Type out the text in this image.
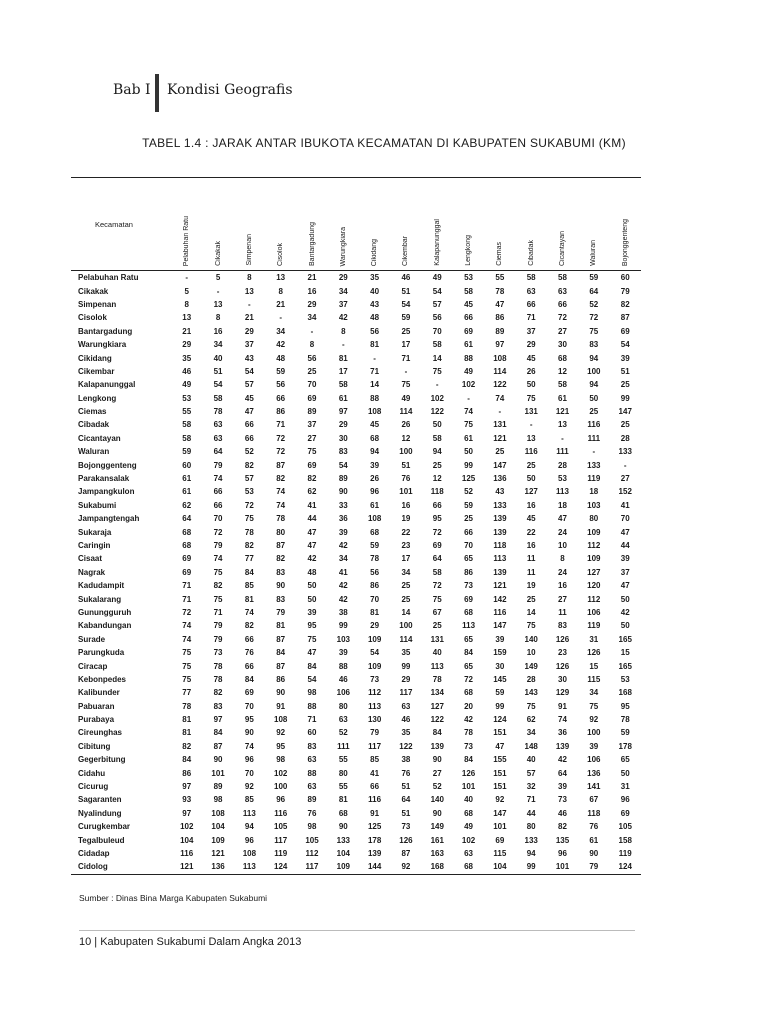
Bab I Kondisi Geografis
TABEL 1.4 : JARAK ANTAR IBUKOTA KECAMATAN DI KABUPATEN SUKABUMI (KM)
Kecamatan	Pelabuhan Ratu	Cikakak	Simpenan	Cisolok	Bantargadung	Warungkiara	Cikidang	Cikembar	Kalapanunggal	Lengkong	Ciemas	Cibadak	Cicantayan	Waluran	Bojonggenteng

Pelabuhan Ratu	-	5	8	13	21	29	35	46	49	53	55	58	58	59	60
Cikakak	5	-	13	8	16	34	40	51	54	58	78	63	63	64	79
Simpenan	8	13	-	21	29	37	43	54	57	45	47	66	66	52	82
Cisolok	13	8	21	-	34	42	48	59	56	66	86	71	72	72	87
Bantargadung	21	16	29	34	-	8	56	25	70	69	89	37	27	75	69
Warungkiara	29	34	37	42	8	-	81	17	58	61	97	29	30	83	54
Cikidang	35	40	43	48	56	81	-	71	14	88	108	45	68	94	39
Cikembar	46	51	54	59	25	17	71	-	75	49	114	26	12	100	51
Kalapanunggal	49	54	57	56	70	58	14	75	-	102	122	50	58	94	25
Lengkong	53	58	45	66	69	61	88	49	102	-	74	75	61	50	99
Ciemas	55	78	47	86	89	97	108	114	122	74	-	131	121	25	147
Cibadak	58	63	66	71	37	29	45	26	50	75	131	-	13	116	25
Cicantayan	58	63	66	72	27	30	68	12	58	61	121	13	-	111	28
Waluran	59	64	52	72	75	83	94	100	94	50	25	116	111	-	133
Bojonggenteng	60	79	82	87	69	54	39	51	25	99	147	25	28	133	-
Parakansalak	61	74	57	82	82	89	26	76	12	125	136	50	53	119	27
Jampangkulon	61	66	53	74	62	90	96	101	118	52	43	127	113	18	152
Sukabumi	62	66	72	74	41	33	61	16	66	59	133	16	18	103	41
Jampangtengah	64	70	75	78	44	36	108	19	95	25	139	45	47	80	70
Sukaraja	68	72	78	80	47	39	68	22	72	66	139	22	24	109	47
Caringin	68	79	82	87	47	42	59	23	69	70	118	16	10	112	44
Cisaat	69	74	77	82	42	34	78	17	64	65	113	11	8	109	39
Nagrak	69	75	84	83	48	41	56	34	58	86	139	11	24	127	37
Kadudampit	71	82	85	90	50	42	86	25	72	73	121	19	16	120	47
Sukalarang	71	75	81	83	50	42	70	25	75	69	142	25	27	112	50
Gunungguruh	72	71	74	79	39	38	81	14	67	68	116	14	11	106	42
Kabandungan	74	79	82	81	95	99	29	100	25	113	147	75	83	119	50
Surade	74	79	66	87	75	103	109	114	131	65	39	140	126	31	165
Parungkuda	75	73	76	84	47	39	54	35	40	84	159	10	23	126	15
Ciracap	75	78	66	87	84	88	109	99	113	65	30	149	126	15	165
Kebonpedes	75	78	84	86	54	46	73	29	78	72	145	28	30	115	53
Kalibunder	77	82	69	90	98	106	112	117	134	68	59	143	129	34	168
Pabuaran	78	83	70	91	88	80	113	63	127	20	99	75	91	75	95
Purabaya	81	97	95	108	71	63	130	46	122	42	124	62	74	92	78
Cireunghas	81	84	90	92	60	52	79	35	84	78	151	34	36	100	59
Cibitung	82	87	74	95	83	111	117	122	139	73	47	148	139	39	178
Gegerbitung	84	90	96	98	63	55	85	38	90	84	155	40	42	106	65
Cidahu	86	101	70	102	88	80	41	76	27	126	151	57	64	136	50
Cicurug	97	89	92	100	63	55	66	51	52	101	151	32	39	141	31
Sagaranten	93	98	85	96	89	81	116	64	140	40	92	71	73	67	96
Nyalindung	97	108	113	116	76	68	91	51	90	68	147	44	46	118	69
Curugkembar	102	104	94	105	98	90	125	73	149	49	101	80	82	76	105
Tegalbuleud	104	109	96	117	105	133	178	126	161	102	69	133	135	61	158
Cidadap	116	121	108	119	112	104	139	87	163	63	115	94	96	90	119
Cidolog	121	136	113	124	117	109	144	92	168	68	104	99	101	79	124
Sumber : Dinas Bina Marga Kabupaten Sukabumi
10 | Kabupaten Sukabumi Dalam Angka 2013
